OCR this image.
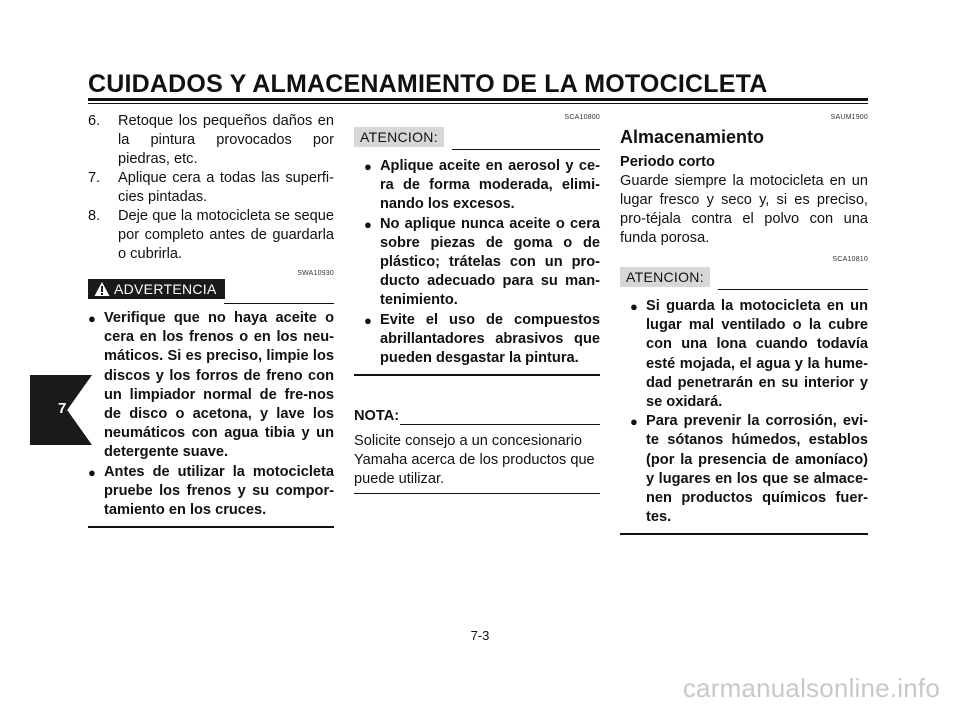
CUIDADOS Y ALMACENAMIENTO DE LA MOTOCICLETA
7
6.	Retoque los pequeños daños en la pintura provocados por piedras, etc.
7.	Aplique cera a todas las superfi-cies pintadas.
8.	Deje que la motocicleta se seque por completo antes de guardarla o cubrirla.
SWA10930
ADVERTENCIA
● Verifique que no haya aceite o cera en los frenos o en los neu-máticos. Si es preciso, limpie los discos y los forros de freno con un limpiador normal de fre-nos de disco o acetona, y lave los neumáticos con agua tibia y un detergente suave.
● Antes de utilizar la motocicleta pruebe los frenos y su compor-tamiento en los cruces.
SCA10800
ATENCION:
● Aplique aceite en aerosol y ce-ra de forma moderada, elimi-nando los excesos.
● No aplique nunca aceite o cera sobre piezas de goma o de plástico; trátelas con un pro-ducto adecuado para su man-tenimiento.
● Evite el uso de compuestos abrillantadores abrasivos que pueden desgastar la pintura.
NOTA:

Solicite consejo a un concesionario Yamaha acerca de los productos que puede utilizar.

SAUM1900

Almacenamiento

Periodo corto

Guarde siempre la motocicleta en un lugar fresco y seco y, si es preciso, pro-téjala contra el polvo con una funda porosa.

SCA10810
ATENCION:
● Si guarda la motocicleta en un lugar mal ventilado o la cubre con una lona cuando todavía esté mojada, el agua y la hume-dad penetrarán en su interior y se oxidará.
● Para prevenir la corrosión, evi-te sótanos húmedos, establos (por la presencia de amoníaco) y lugares en los que se almace-nen productos químicos fuer-tes.
7-3
carmanualsonline.info
